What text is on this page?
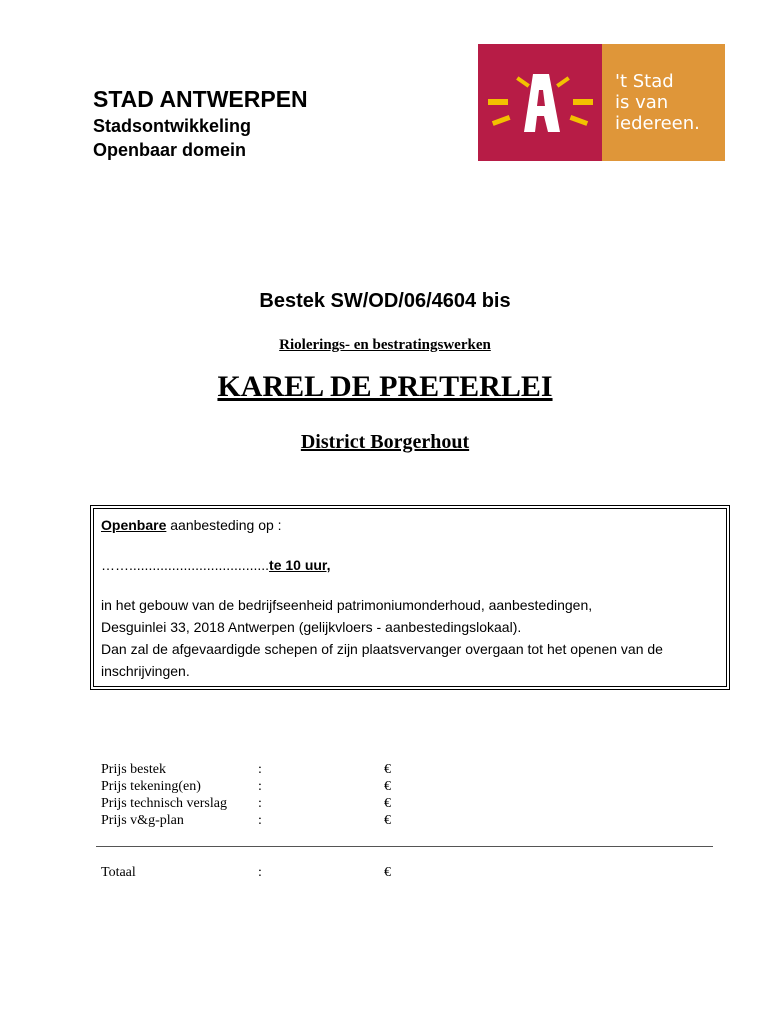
STAD ANTWERPEN
Stadsontwikkeling
Openbaar domein
A
't Stad
is van
iedereen.
Bestek SW/OD/06/4604 bis
Riolerings- en bestratingswerken
KAREL DE PRETERLEI
District Borgerhout

Openbare aanbesteding op :

……....................................te 10 uur,

in het gebouw van de bedrijfseenheid patrimoniumonderhoud, aanbestedingen,

Desguinlei 33, 2018 Antwerpen (gelijkvloers - aanbestedingslokaal).

Dan zal de afgevaardigde schepen of zijn plaatsvervanger overgaan tot het openen van de

inschrijvingen.

Prijs bestek	:	€
Prijs tekening(en)	:	€
Prijs technisch verslag	:	€
Prijs v&g-plan	:	€
Totaal	:	€
